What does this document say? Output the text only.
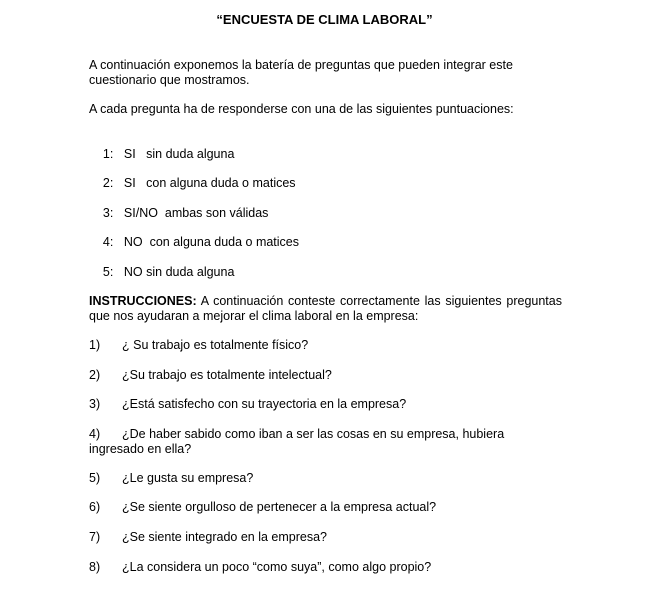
“ENCUESTA DE CLIMA LABORAL”
A continuación exponemos la batería de preguntas que pueden integrar este cuestionario que mostramos.
A cada pregunta ha de responderse con una de las siguientes puntuaciones:

1: SI   sin duda alguna

2: SI   con alguna duda o matices

3: SI/NO  ambas son válidas

4: NO  con alguna duda o matices

5: NO sin duda alguna

INSTRUCCIONES: A continuación conteste correctamente las siguientes preguntas que nos ayudaran a mejorar el clima laboral en la empresa:
1) ¿ Su trabajo es totalmente físico?
2) ¿Su trabajo es totalmente intelectual?
3) ¿Está satisfecho con su trayectoria en la empresa?
4) ¿De haber sabido como iban a ser las cosas en su empresa, hubiera ingresado en ella?
5) ¿Le gusta su empresa?
6) ¿Se siente orgulloso de pertenecer a la empresa actual?
7) ¿Se siente integrado en la empresa?
8) ¿La considera un poco “como suya”, como algo propio?
